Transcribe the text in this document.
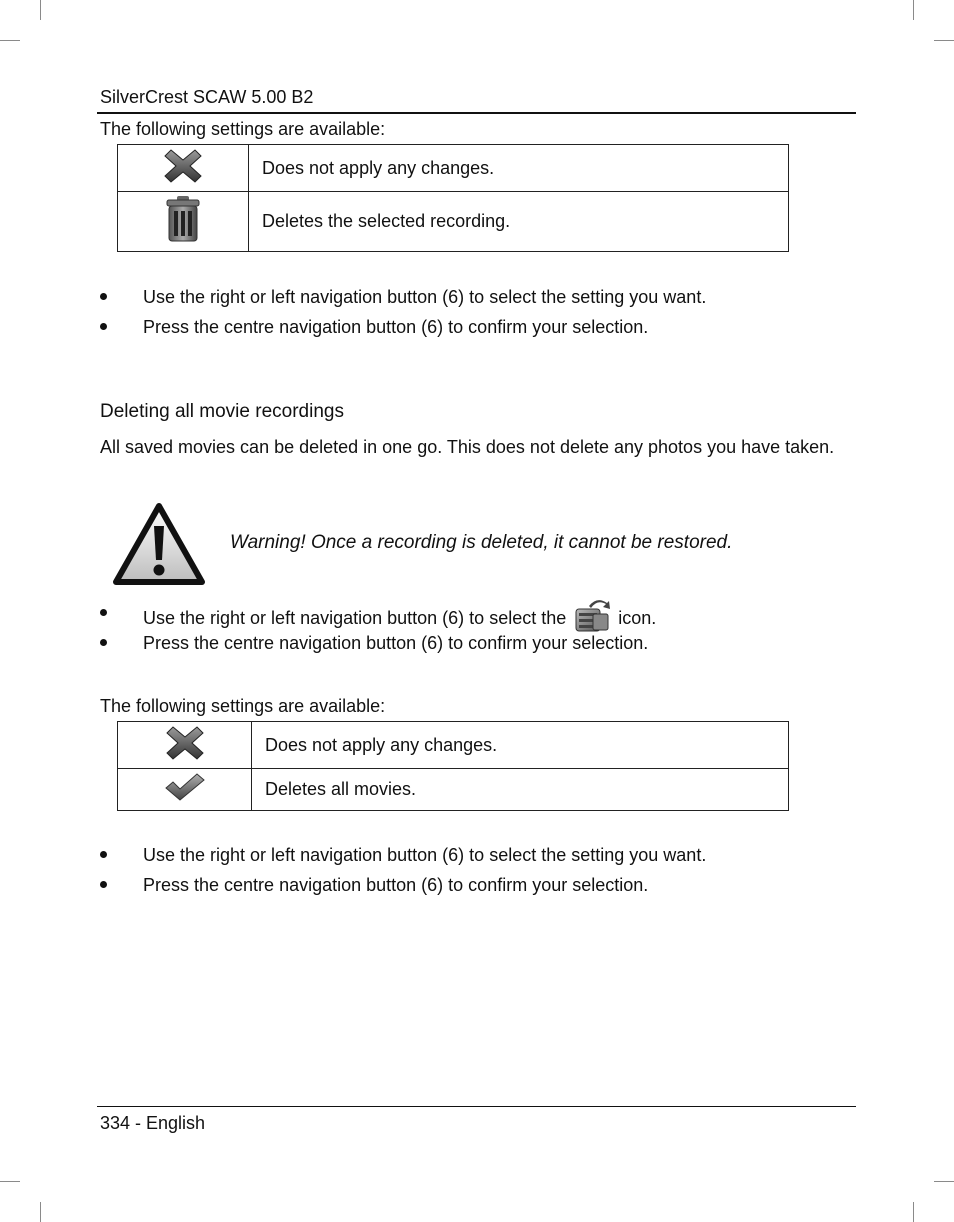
SilverCrest SCAW 5.00 B2
The following settings are available:
	Does not apply any changes.
	Deletes the selected recording.
Use the right or left navigation button (6) to select the setting you want.
Press the centre navigation button (6) to confirm your selection.
Deleting all movie recordings
All saved movies can be deleted in one go. This does not delete any photos you have taken.
Warning! Once a recording is deleted, it cannot be restored.
Use the right or left navigation button (6) to select the	icon.
Press the centre navigation button (6) to confirm your selection.
The following settings are available:
	Does not apply any changes.
	Deletes all movies.
Use the right or left navigation button (6) to select the setting you want.
Press the centre navigation button (6) to confirm your selection.
334 - English
